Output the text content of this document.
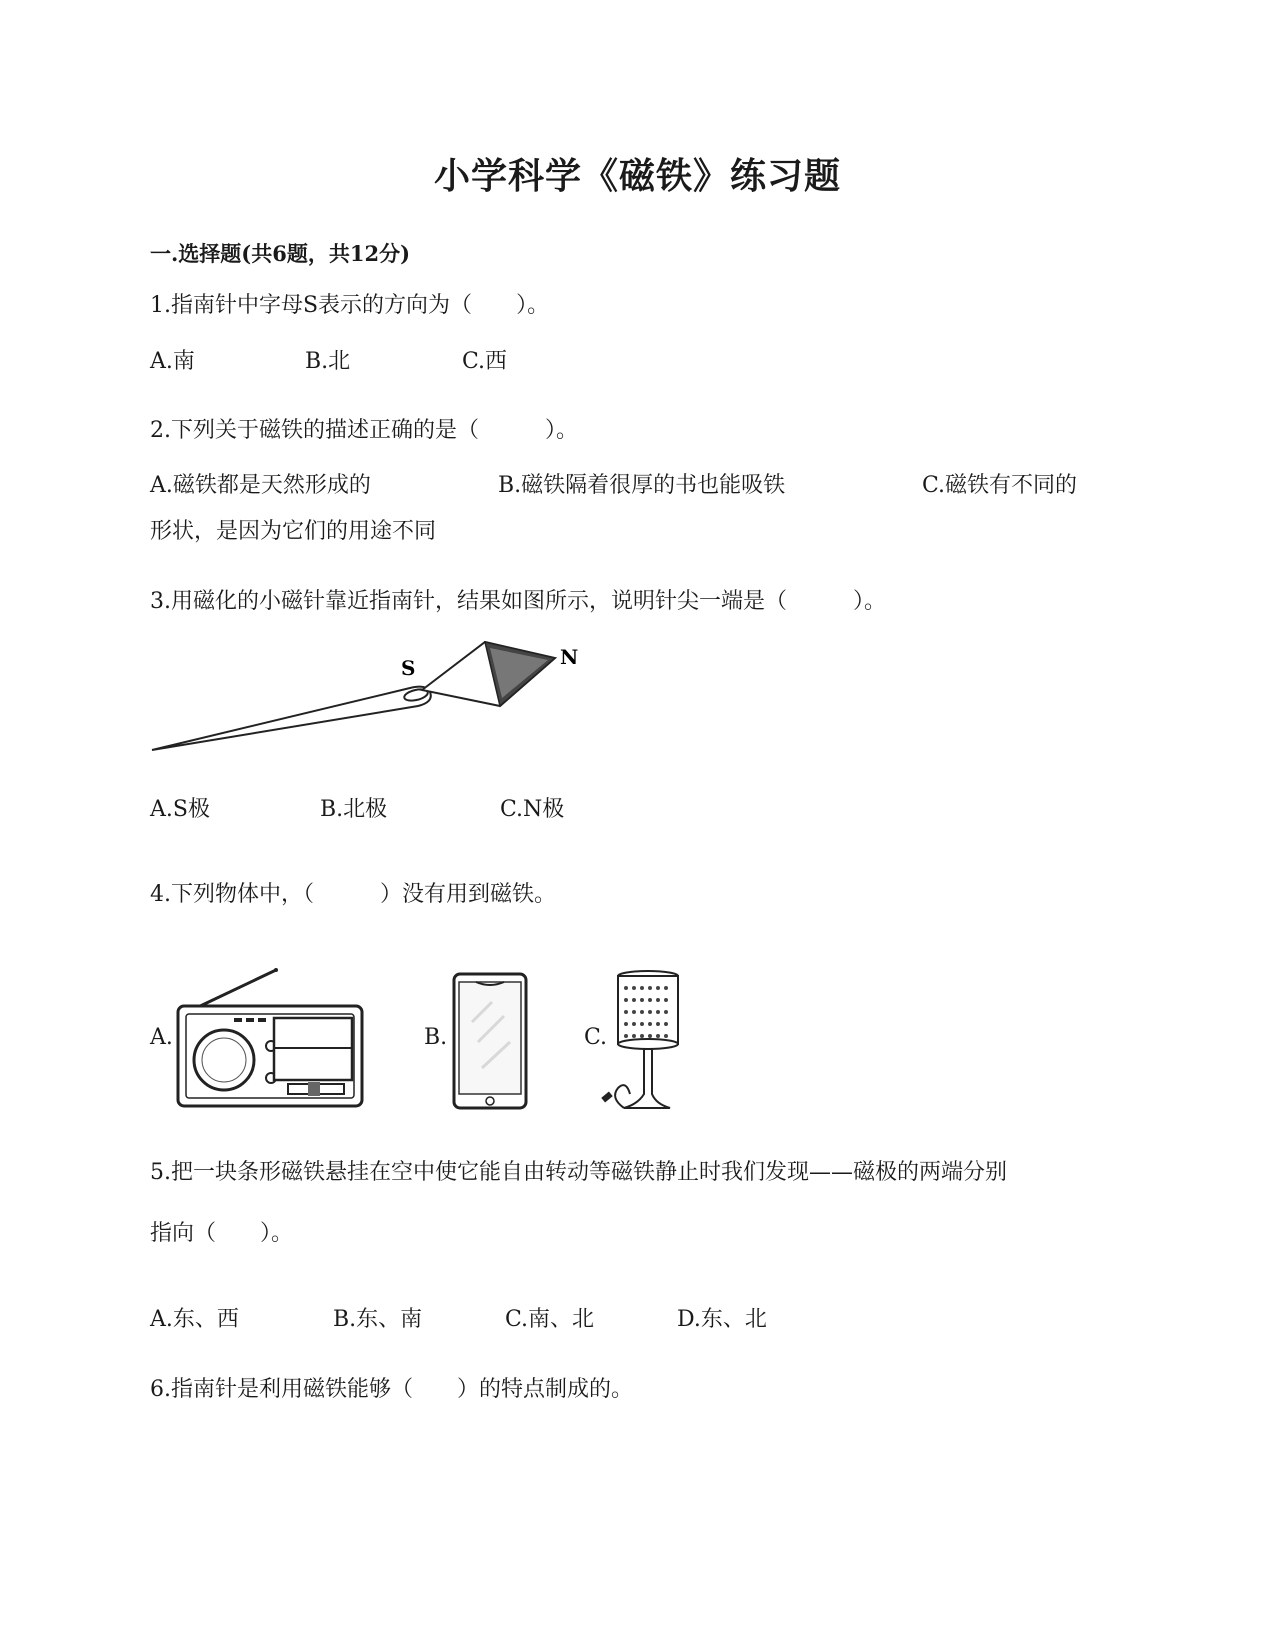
小学科学《磁铁》练习题
一.选择题(共6题，共12分)
1.指南针中字母S表示的方向为（　　）。
A.南	B.北	C.西
2.下列关于磁铁的描述正确的是（　　　）。
A.磁铁都是天然形成的	B.磁铁隔着很厚的书也能吸铁	C.磁铁有不同的
形状，是因为它们的用途不同
3.用磁化的小磁针靠近指南针，结果如图所示，说明针尖一端是（　　　）。
S	N
A.S极	B.北极	C.N极
4.下列物体中，（　　　）没有用到磁铁。
A.	B.	C.
5.把一块条形磁铁悬挂在空中使它能自由转动等磁铁静止时我们发现——磁极的两端分别
指向（　　）。
A.东、西	B.东、南	C.南、北	D.东、北
6.指南针是利用磁铁能够（　　）的特点制成的。
